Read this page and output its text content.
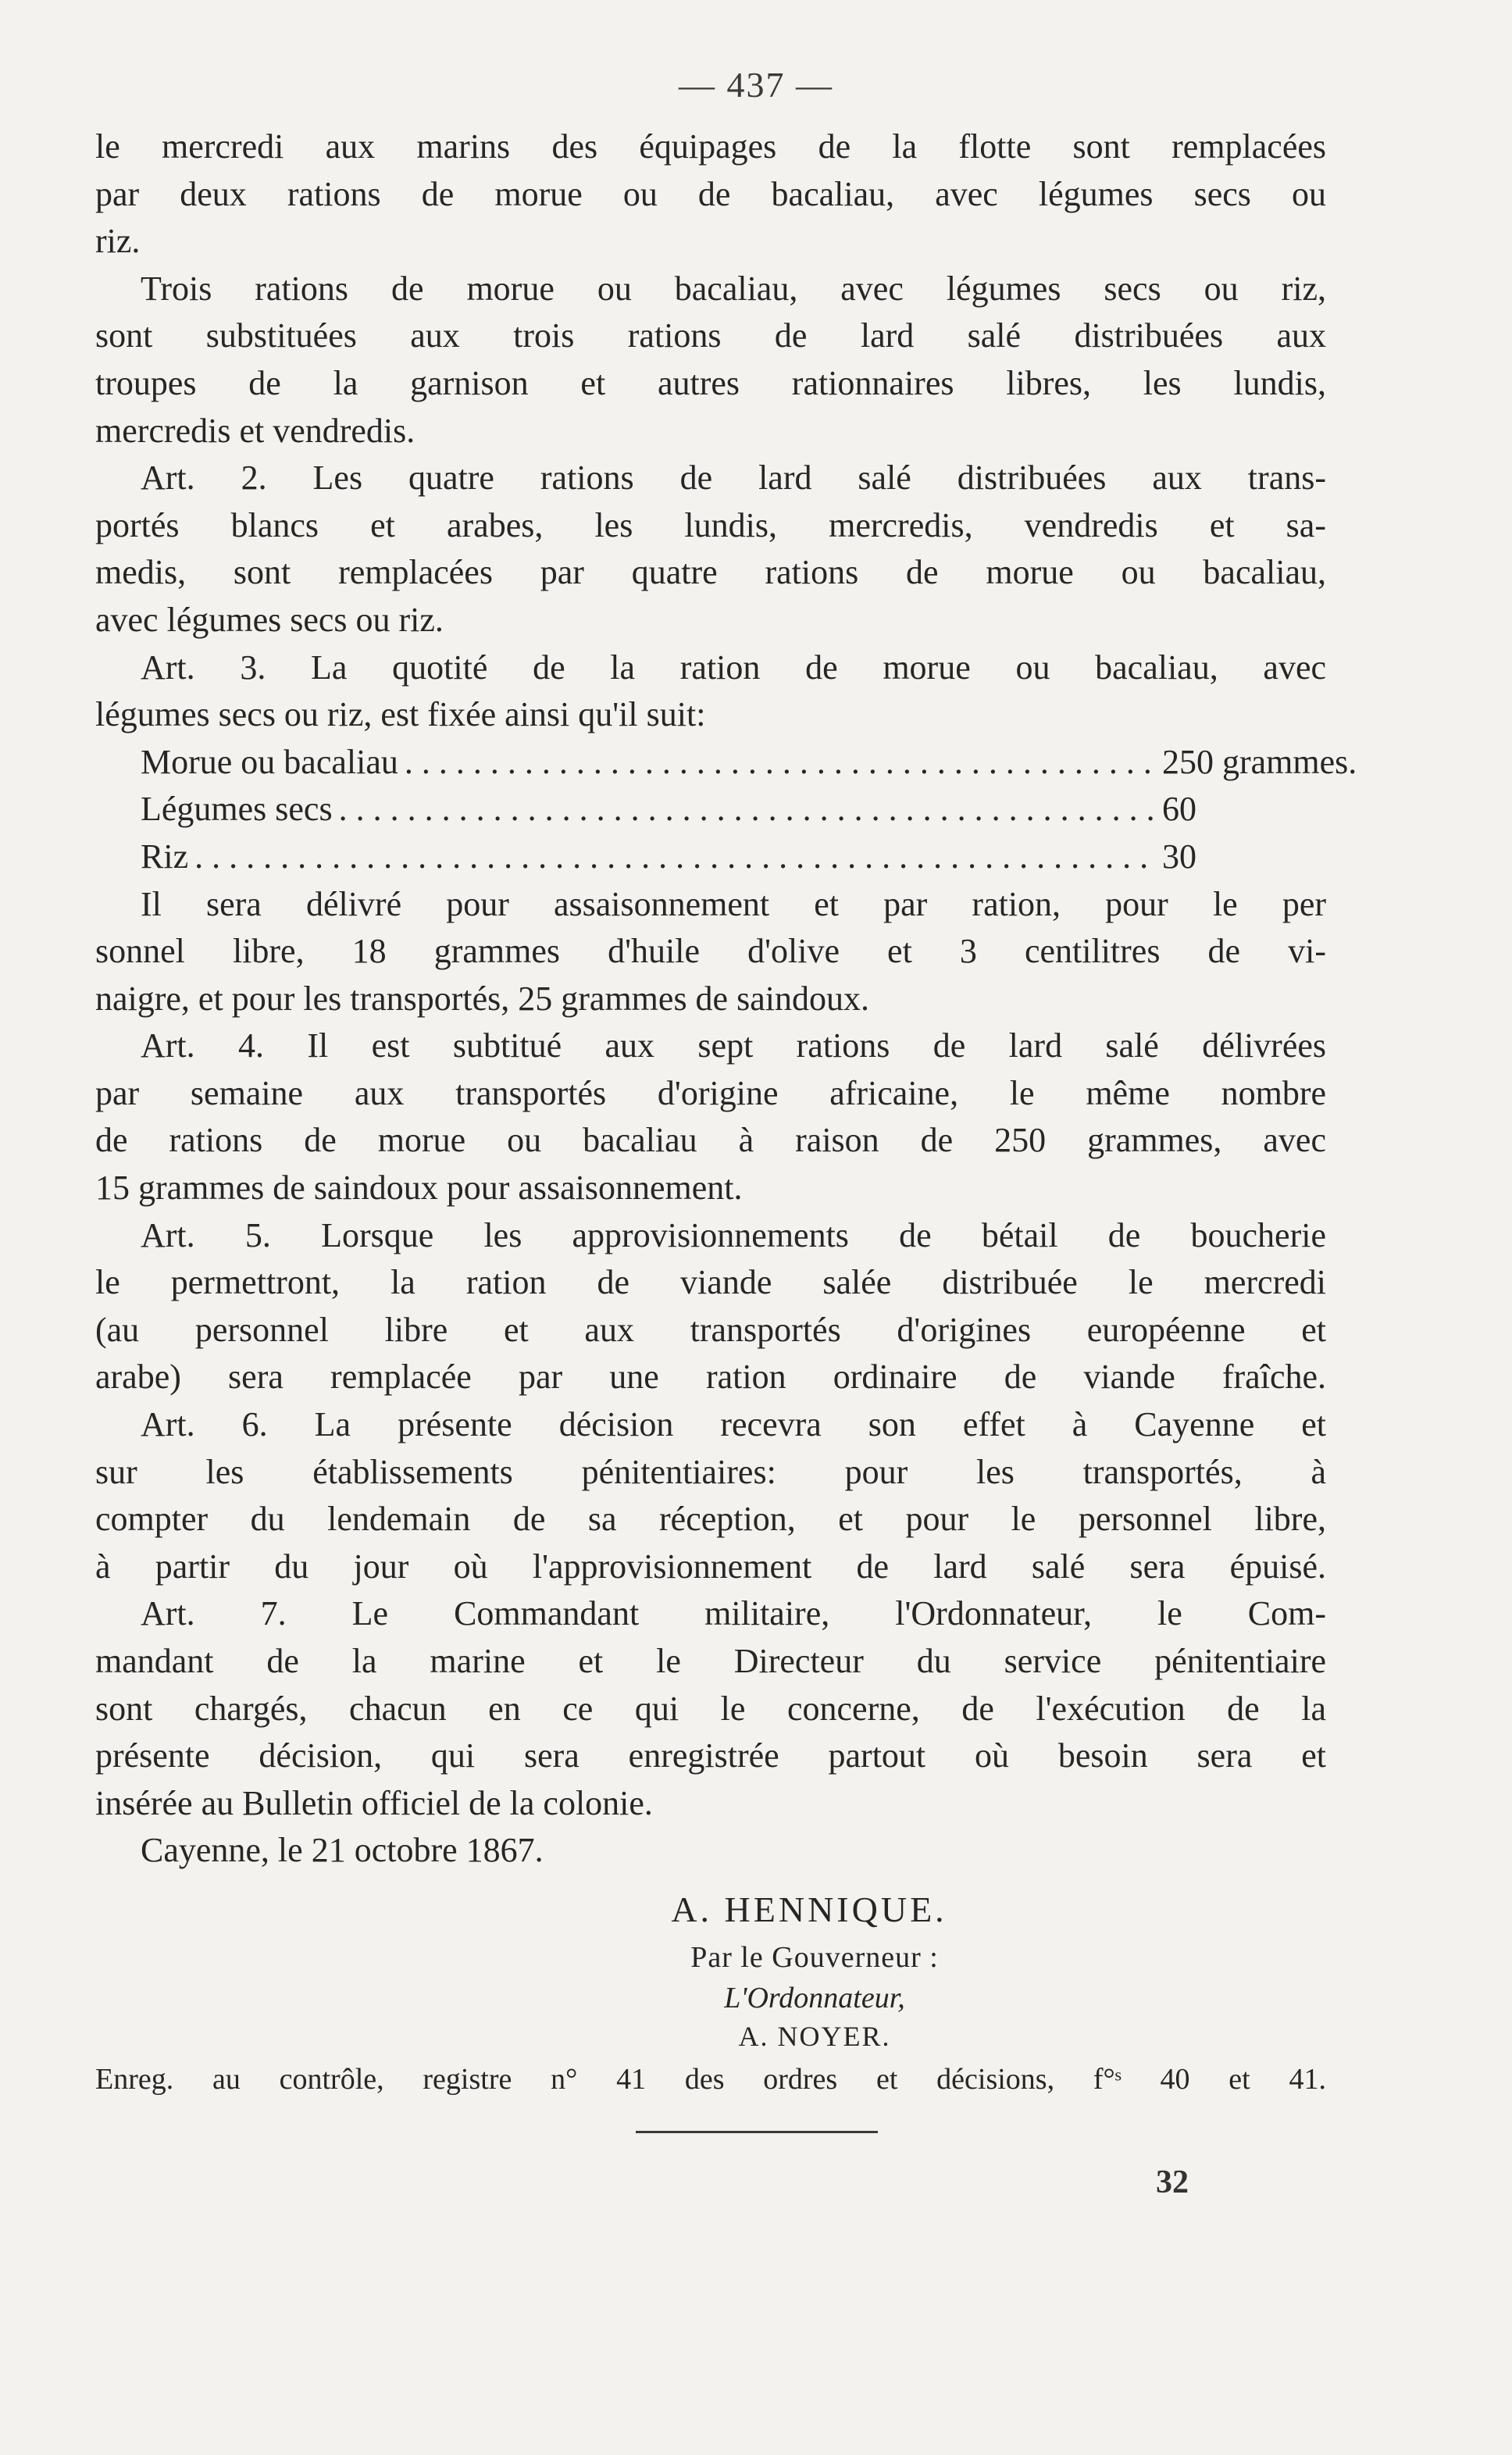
— 437 —
le mercredi aux marins des équipages de la flotte sont remplacées
par deux rations de morue ou de bacaliau, avec légumes secs ou
riz.
Trois rations de morue ou bacaliau, avec légumes secs ou riz,
sont substituées aux trois rations de lard salé distribuées aux
troupes de la garnison et autres rationnaires libres, les lundis,
mercredis et vendredis.
Art. 2. Les quatre rations de lard salé distribuées aux trans-
portés blancs et arabes, les lundis, mercredis, vendredis et sa-
medis, sont remplacées par quatre rations de morue ou bacaliau,
avec légumes secs ou riz.
Art. 3. La quotité de la ration de morue ou bacaliau, avec
légumes secs ou riz, est fixée ainsi qu'il suit:
Morue ou bacaliau . . .	250 grammes.
Légumes secs . . .	60
Riz . . .	30
Il sera délivré pour assaisonnement et par ration, pour le per
sonnel libre, 18 grammes d'huile d'olive et 3 centilitres de vi-
naigre, et pour les transportés, 25 grammes de saindoux.
Art. 4. Il est subtitué aux sept rations de lard salé délivrées
par semaine aux transportés d'origine africaine, le même nombre
de rations de morue ou bacaliau à raison de 250 grammes, avec
15 grammes de saindoux pour assaisonnement.
Art. 5. Lorsque les approvisionnements de bétail de boucherie
le permettront, la ration de viande salée distribuée le mercredi
(au personnel libre et aux transportés d'origines européenne et
arabe) sera remplacée par une ration ordinaire de viande fraîche.
Art. 6. La présente décision recevra son effet à Cayenne et
sur les établissements pénitentiaires: pour les transportés, à
compter du lendemain de sa réception, et pour le personnel libre,
à partir du jour où l'approvisionnement de lard salé sera épuisé.
Art. 7. Le Commandant militaire, l'Ordonnateur, le Com-
mandant de la marine et le Directeur du service pénitentiaire
sont chargés, chacun en ce qui le concerne, de l'exécution de la
présente décision, qui sera enregistrée partout où besoin sera et
insérée au Bulletin officiel de la colonie.
Cayenne, le 21 octobre 1867.
A. HENNIQUE.
Par le Gouverneur :
L'Ordonnateur,
A. NOYER.
Enreg. au contrôle, registre n° 41 des ordres et décisions, f°ˢ 40 et 41.
32
